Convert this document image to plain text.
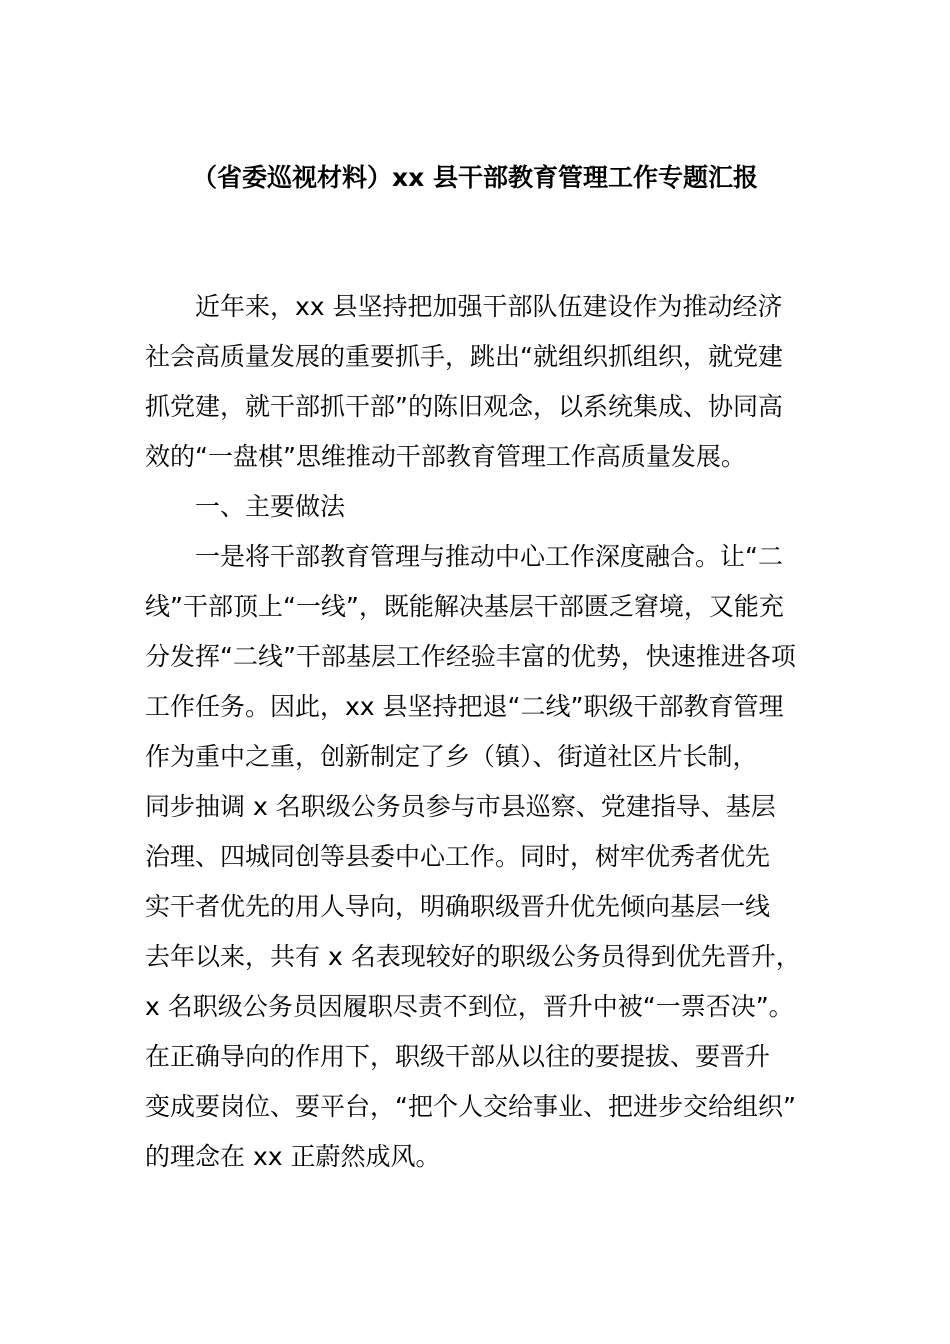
（省委巡视材料）xx 县干部教育管理工作专题汇报
近年来，xx 县坚持把加强干部队伍建设作为推动经济
社会高质量发展的重要抓手，跳出“就组织抓组织，就党建
抓党建，就干部抓干部”的陈旧观念，以系统集成、协同高
效的“一盘棋”思维推动干部教育管理工作高质量发展。
一、主要做法
一是将干部教育管理与推动中心工作深度融合。让“二
线”干部顶上“一线”，既能解决基层干部匮乏窘境，又能充
分发挥“二线”干部基层工作经验丰富的优势，快速推进各项
工作任务。因此，xx 县坚持把退“二线”职级干部教育管理
作为重中之重，创新制定了乡（镇）、街道社区片长制，
同步抽调 x 名职级公务员参与市县巡察、党建指导、基层
治理、四城同创等县委中心工作。同时，树牢优秀者优先
实干者优先的用人导向，明确职级晋升优先倾向基层一线
去年以来，共有 x 名表现较好的职级公务员得到优先晋升，
x 名职级公务员因履职尽责不到位，晋升中被“一票否决”。
在正确导向的作用下，职级干部从以往的要提拔、要晋升
变成要岗位、要平台，“把个人交给事业、把进步交给组织”
的理念在 xx 正蔚然成风。
